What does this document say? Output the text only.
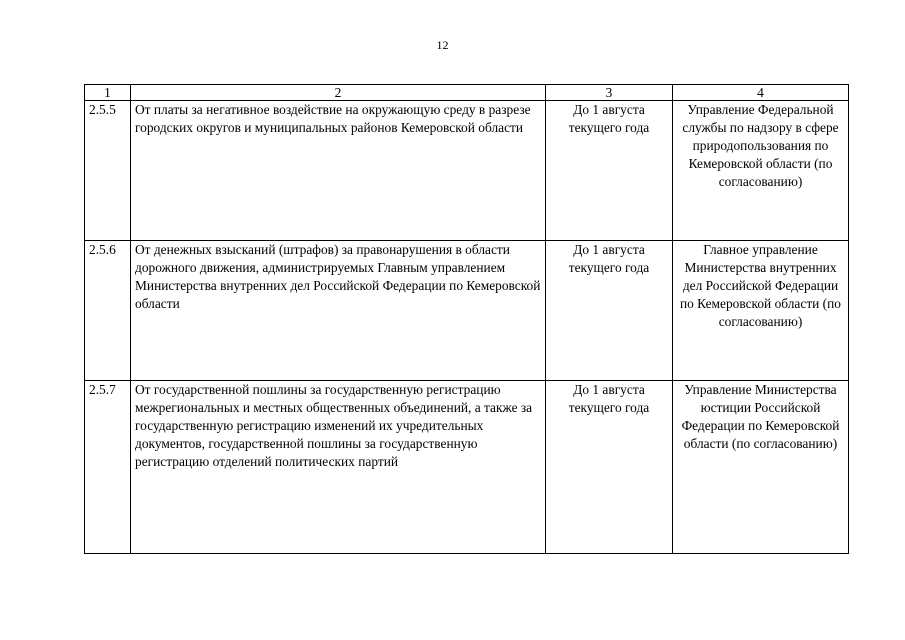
12
1	2	3	4
2.5.5	От платы за негативное воздействие на окружающую среду в разрезе городских округов и муниципальных районов Кемеровской области	До 1 августа текущего года	Управление Федеральной службы по надзору в сфере природопользования по Кемеровской области (по согласованию)
2.5.6	От денежных взысканий (штрафов) за правонарушения в области дорожного движения, администрируемых Главным управлением Министерства внутренних дел Российской Федерации по Кемеровской области	До 1 августа текущего года	Главное управление Министерства внутренних дел Российской Федерации по Кемеровской области (по согласованию)
2.5.7	От государственной пошлины за государственную регистрацию межрегиональных и местных общественных объединений, а также за государственную регистрацию изменений их учредительных документов, государственной пошлины за государственную регистрацию отделений политических партий	До 1 августа текущего года	Управление Министерства юстиции Российской Федерации по Кемеровской области (по согласованию)
